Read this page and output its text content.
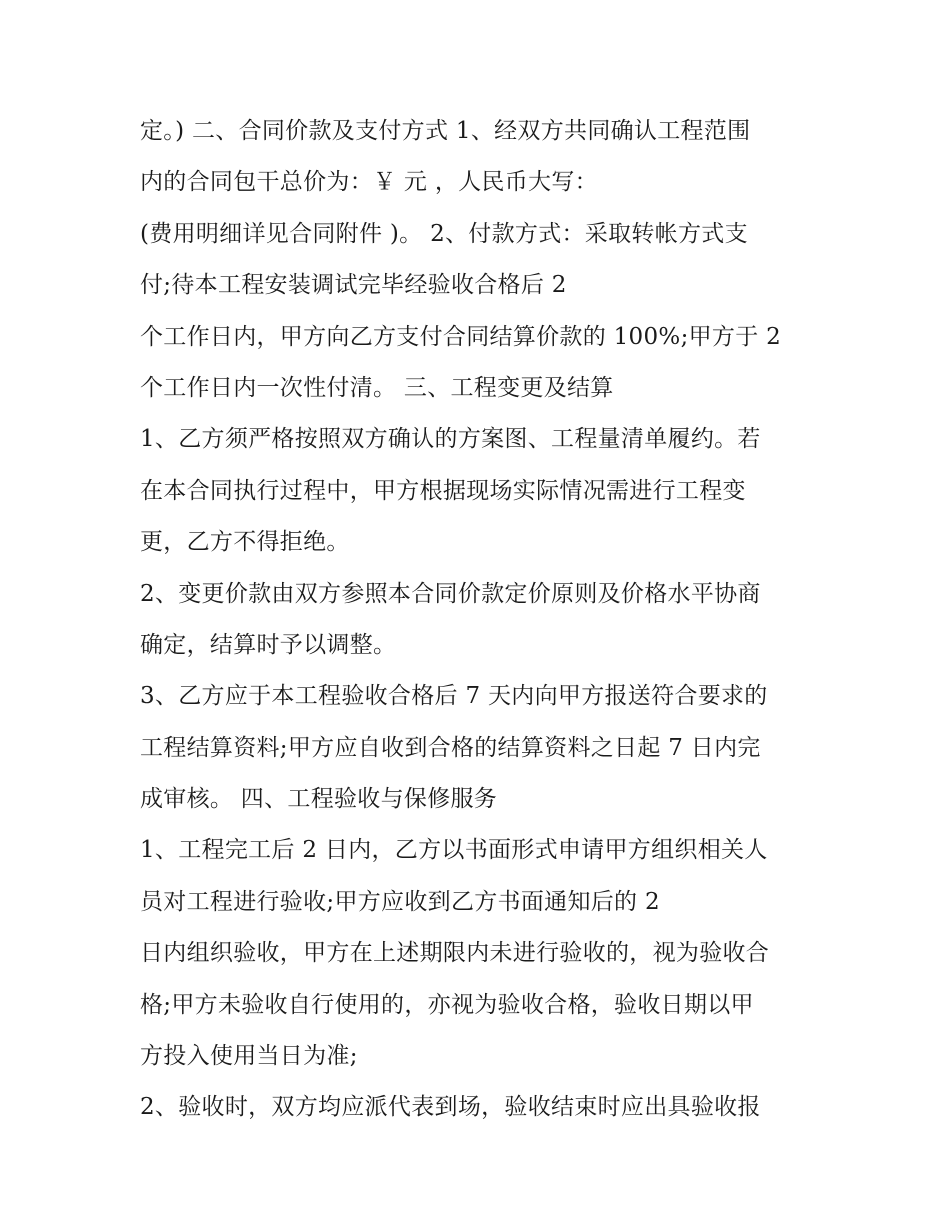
定。) 二、合同价款及支付方式 1、经双方共同确认工程范围
内的合同包干总价为：￥ 元 ，人民币大写：
(费用明细详见合同附件 )。 2、付款方式：采取转帐方式支
付;待本工程安装调试完毕经验收合格后 2
个工作日内，甲方向乙方支付合同结算价款的 100%;甲方于 2
个工作日内一次性付清。 三、工程变更及结算
1、乙方须严格按照双方确认的方案图、工程量清单履约。若
在本合同执行过程中，甲方根据现场实际情况需进行工程变
更，乙方不得拒绝。
2、变更价款由双方参照本合同价款定价原则及价格水平协商
确定，结算时予以调整。
3、乙方应于本工程验收合格后 7 天内向甲方报送符合要求的
工程结算资料;甲方应自收到合格的结算资料之日起 7 日内完
成审核。 四、工程验收与保修服务
1、工程完工后 2 日内，乙方以书面形式申请甲方组织相关人
员对工程进行验收;甲方应收到乙方书面通知后的 2
日内组织验收，甲方在上述期限内未进行验收的，视为验收合
格;甲方未验收自行使用的，亦视为验收合格，验收日期以甲
方投入使用当日为准;
2、验收时，双方均应派代表到场，验收结束时应出具验收报
